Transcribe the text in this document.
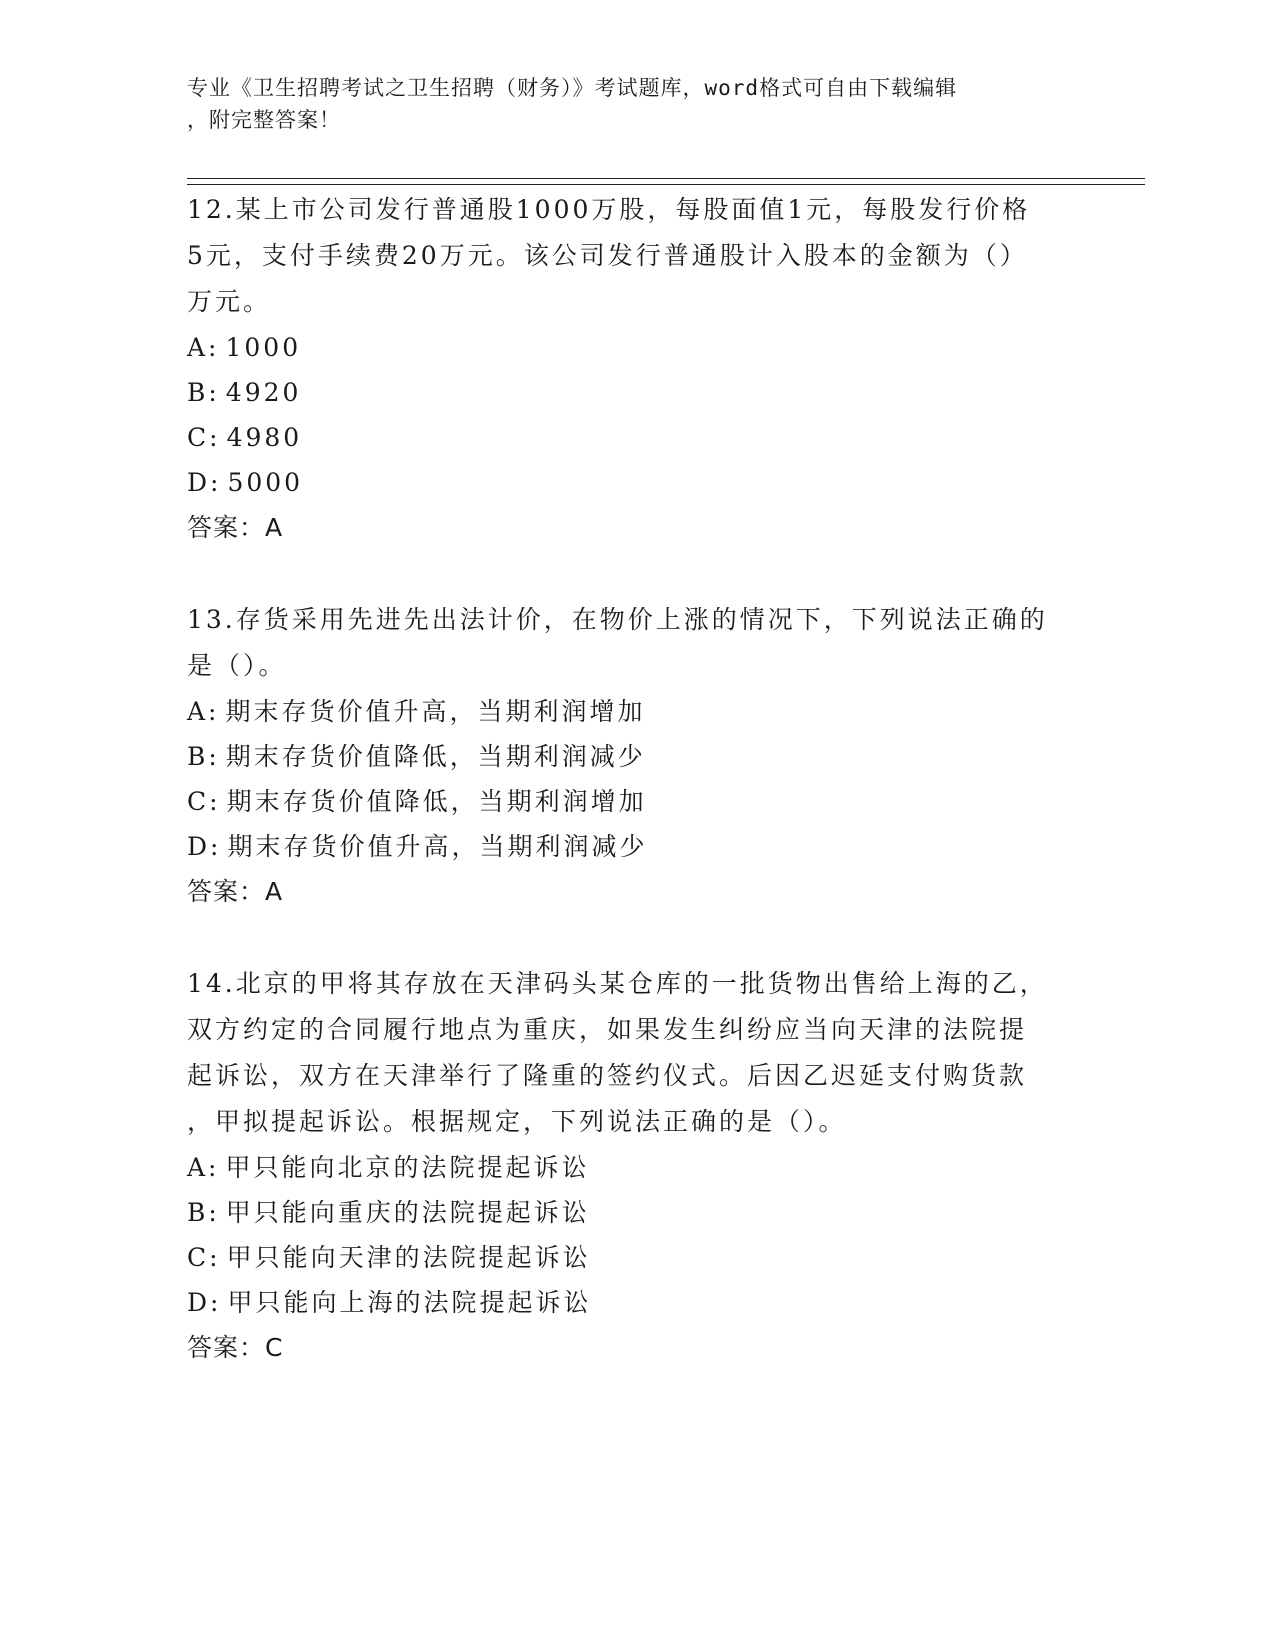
专业《卫生招聘考试之卫生招聘（财务）》考试题库，word格式可自由下载编辑
，附完整答案！

12.某上市公司发行普通股1000万股，每股面值1元，每股发行价格

5元，支付手续费20万元。该公司发行普通股计入股本的金额为（）

万元。

A: 1000

B: 4920

C: 4980

D: 5000

答案：A

13.存货采用先进先出法计价，在物价上涨的情况下，下列说法正确的

是（）。

A: 期末存货价值升高，当期利润增加

B: 期末存货价值降低，当期利润减少

C: 期末存货价值降低，当期利润增加

D: 期末存货价值升高，当期利润减少

答案：A

14.北京的甲将其存放在天津码头某仓库的一批货物出售给上海的乙，

双方约定的合同履行地点为重庆，如果发生纠纷应当向天津的法院提

起诉讼，双方在天津举行了隆重的签约仪式。后因乙迟延支付购货款

，甲拟提起诉讼。根据规定，下列说法正确的是（）。

A: 甲只能向北京的法院提起诉讼

B: 甲只能向重庆的法院提起诉讼

C: 甲只能向天津的法院提起诉讼

D: 甲只能向上海的法院提起诉讼

答案：C
